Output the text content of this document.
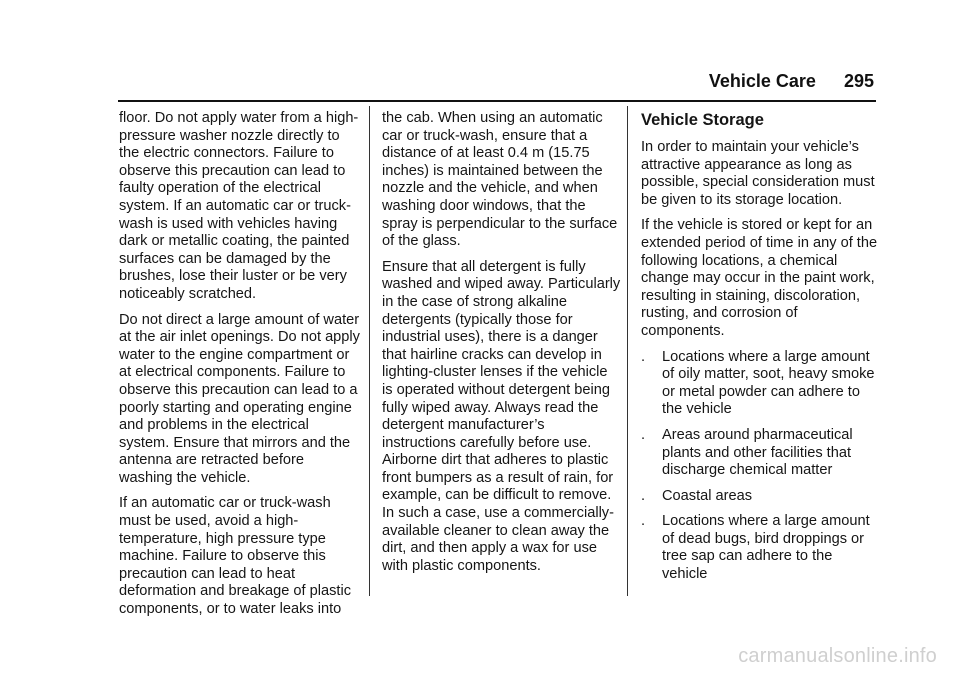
Vehicle Care 295

floor. Do not apply water from a high-pressure washer nozzle directly to the electric connectors. Failure to observe this precaution can lead to faulty operation of the electrical system. If an automatic car or truck-wash is used with vehicles having dark or metallic coating, the painted surfaces can be damaged by the brushes, lose their luster or be very noticeably scratched.

Do not direct a large amount of water at the air inlet openings. Do not apply water to the engine compartment or at electrical components. Failure to observe this precaution can lead to a poorly starting and operating engine and problems in the electrical system. Ensure that mirrors and the antenna are retracted before washing the vehicle.

If an automatic car or truck-wash must be used, avoid a high-temperature, high pressure type machine. Failure to observe this precaution can lead to heat deformation and breakage of plastic components, or to water leaks into

the cab. When using an automatic car or truck-wash, ensure that a distance of at least 0.4 m (15.75 inches) is maintained between the nozzle and the vehicle, and when washing door windows, that the spray is perpendicular to the surface of the glass.

Ensure that all detergent is fully washed and wiped away. Particularly in the case of strong alkaline detergents (typically those for industrial uses), there is a danger that hairline cracks can develop in lighting-cluster lenses if the vehicle is operated without detergent being fully wiped away. Always read the detergent manufacturer’s instructions carefully before use. Airborne dirt that adheres to plastic front bumpers as a result of rain, for example, can be difficult to remove. In such a case, use a commercially-available cleaner to clean away the dirt, and then apply a wax for use with plastic components.

Vehicle Storage

In order to maintain your vehicle’s attractive appearance as long as possible, special consideration must be given to its storage location.

If the vehicle is stored or kept for an extended period of time in any of the following locations, a chemical change may occur in the paint work, resulting in staining, discoloration, rusting, and corrosion of components.

. Locations where a large amount of oily matter, soot, heavy smoke or metal powder can adhere to the vehicle
. Areas around pharmaceutical plants and other facilities that discharge chemical matter
. Coastal areas
. Locations where a large amount of dead bugs, bird droppings or tree sap can adhere to the vehicle
carmanualsonline.info
